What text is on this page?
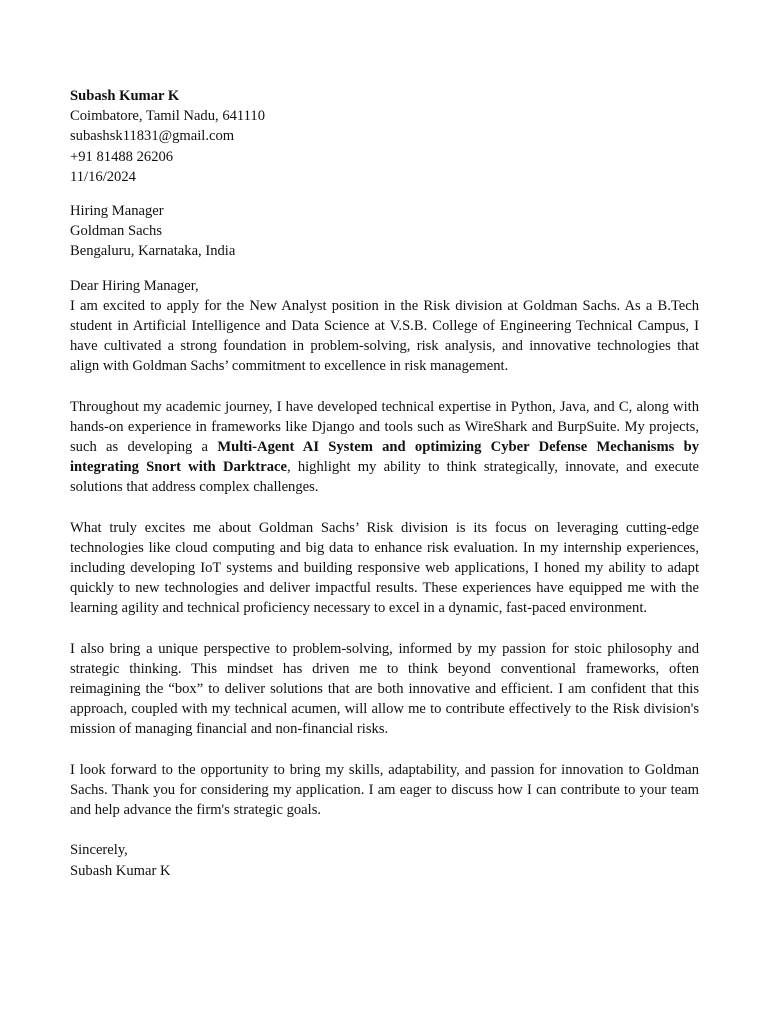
Subash Kumar K
Coimbatore, Tamil Nadu, 641110
subashsk11831@gmail.com
+91 81488 26206
11/16/2024
Hiring Manager
Goldman Sachs
Bengaluru, Karnataka, India
Dear Hiring Manager,

I am excited to apply for the New Analyst position in the Risk division at Goldman Sachs. As a B.Tech student in Artificial Intelligence and Data Science at V.S.B. College of Engineering Technical Campus, I have cultivated a strong foundation in problem-solving, risk analysis, and innovative technologies that align with Goldman Sachs’ commitment to excellence in risk management.

Throughout my academic journey, I have developed technical expertise in Python, Java, and C, along with hands-on experience in frameworks like Django and tools such as WireShark and BurpSuite. My projects, such as developing a Multi-Agent AI System and optimizing Cyber Defense Mechanisms by integrating Snort with Darktrace, highlight my ability to think strategically, innovate, and execute solutions that address complex challenges.

What truly excites me about Goldman Sachs’ Risk division is its focus on leveraging cutting-edge technologies like cloud computing and big data to enhance risk evaluation. In my internship experiences, including developing IoT systems and building responsive web applications, I honed my ability to adapt quickly to new technologies and deliver impactful results. These experiences have equipped me with the learning agility and technical proficiency necessary to excel in a dynamic, fast-paced environment.

I also bring a unique perspective to problem-solving, informed by my passion for stoic philosophy and strategic thinking. This mindset has driven me to think beyond conventional frameworks, often reimagining the “box” to deliver solutions that are both innovative and efficient. I am confident that this approach, coupled with my technical acumen, will allow me to contribute effectively to the Risk division's mission of managing financial and non-financial risks.

I look forward to the opportunity to bring my skills, adaptability, and passion for innovation to Goldman Sachs. Thank you for considering my application. I am eager to discuss how I can contribute to your team and help advance the firm's strategic goals.

Sincerely,
Subash Kumar K
